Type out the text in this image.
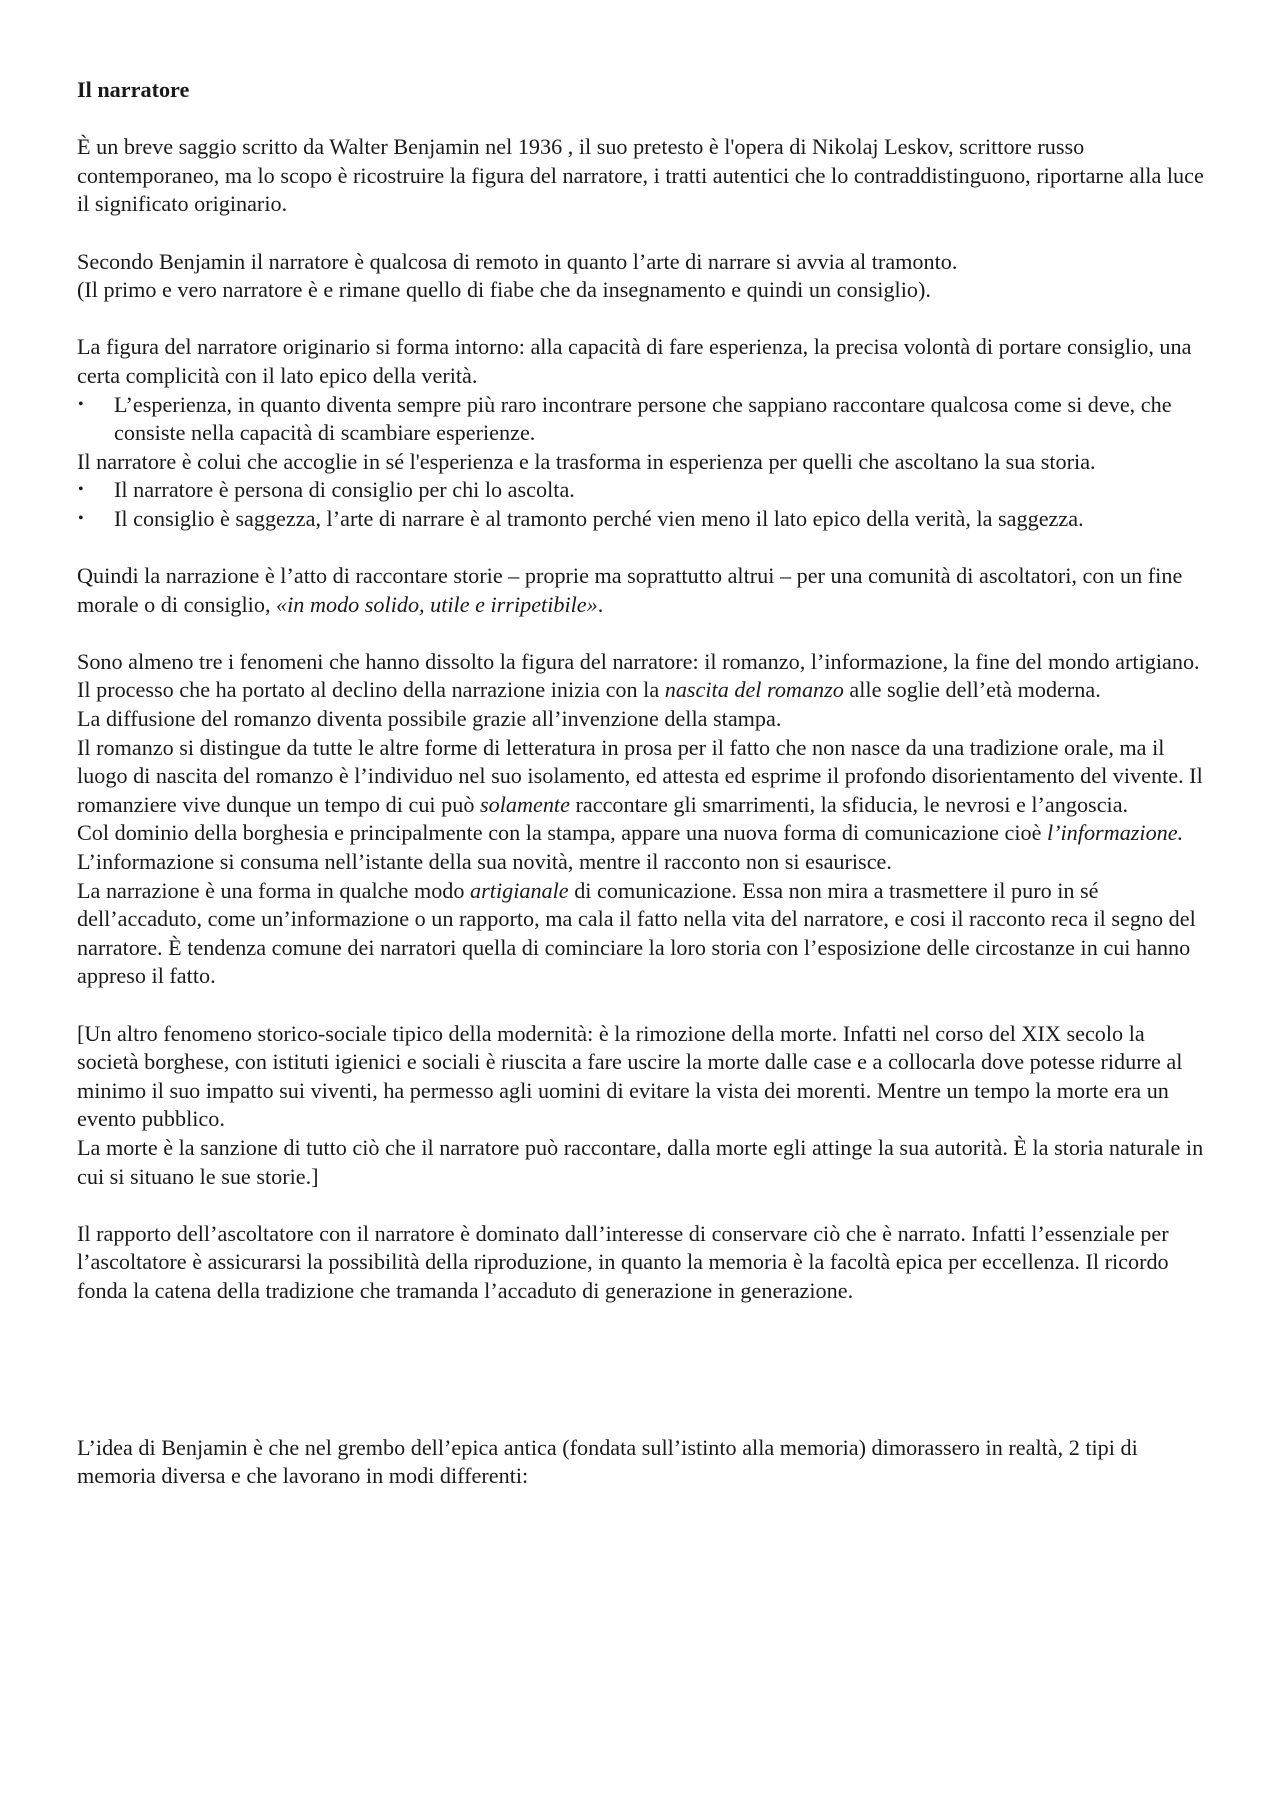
Il narratore

È un breve saggio scritto da Walter Benjamin nel 1936 , il suo pretesto è l'opera di Nikolaj Leskov, scrittore russo contemporaneo, ma lo scopo è ricostruire la figura del narratore, i tratti autentici che lo contraddistinguono, riportarne alla luce il significato originario.

Secondo Benjamin il narratore è qualcosa di remoto in quanto l’arte di narrare si avvia al tramonto.

(Il primo e vero narratore è e rimane quello di fiabe che da insegnamento e quindi un consiglio).

La figura del narratore originario si forma intorno: alla capacità di fare esperienza, la precisa volontà di portare consiglio, una certa complicità con il lato epico della verità.

• L’esperienza, in quanto diventa sempre più raro incontrare persone che sappiano raccontare qualcosa come si deve, che consiste nella capacità di scambiare esperienze.

Il narratore è colui che accoglie in sé l'esperienza e la trasforma in esperienza per quelli che ascoltano la sua storia.

• Il narratore è persona di consiglio per chi lo ascolta.
• Il consiglio è saggezza, l’arte di narrare è al tramonto perché vien meno il lato epico della verità, la saggezza.

Quindi la narrazione è l’atto di raccontare storie – proprie ma soprattutto altrui – per una comunità di ascoltatori, con un fine morale o di consiglio, «in modo solido, utile e irripetibile».

Sono almeno tre i fenomeni che hanno dissolto la figura del narratore: il romanzo, l’informazione, la fine del mondo artigiano.

Il processo che ha portato al declino della narrazione inizia con la nascita del romanzo alle soglie dell’età moderna.

La diffusione del romanzo diventa possibile grazie all’invenzione della stampa.

Il romanzo si distingue da tutte le altre forme di letteratura in prosa per il fatto che non nasce da una tradizione orale, ma il luogo di nascita del romanzo è l’individuo nel suo isolamento, ed attesta ed esprime il profondo disorientamento del vivente. Il romanziere vive dunque un tempo di cui può solamente raccontare gli smarrimenti, la sfiducia, le nevrosi e l’angoscia.

Col dominio della borghesia e principalmente con la stampa, appare una nuova forma di comunicazione cioè l’informazione. L’informazione si consuma nell’istante della sua novità, mentre il racconto non si esaurisce.

La narrazione è una forma in qualche modo artigianale di comunicazione. Essa non mira a trasmettere il puro in sé dell’accaduto, come un’informazione o un rapporto, ma cala il fatto nella vita del narratore, e cosi il racconto reca il segno del narratore. È tendenza comune dei narratori quella di cominciare la loro storia con l’esposizione delle circostanze in cui hanno appreso il fatto.

[Un altro fenomeno storico-sociale tipico della modernità: è la rimozione della morte. Infatti nel corso del XIX secolo la società borghese, con istituti igienici e sociali è riuscita a fare uscire la morte dalle case e a collocarla dove potesse ridurre al minimo il suo impatto sui viventi, ha permesso agli uomini di evitare la vista dei morenti. Mentre un tempo la morte era un evento pubblico.

La morte è la sanzione di tutto ciò che il narratore può raccontare, dalla morte egli attinge la sua autorità. È la storia naturale in cui si situano le sue storie.]

Il rapporto dell’ascoltatore con il narratore è dominato dall’interesse di conservare ciò che è narrato. Infatti l’essenziale per l’ascoltatore è assicurarsi la possibilità della riproduzione, in quanto la memoria è la facoltà epica per eccellenza. Il ricordo fonda la catena della tradizione che tramanda l’accaduto di generazione in generazione.

L’idea di Benjamin è che nel grembo dell’epica antica (fondata sull’istinto alla memoria) dimorassero in realtà, 2 tipi di memoria diversa e che lavorano in modi differenti:
